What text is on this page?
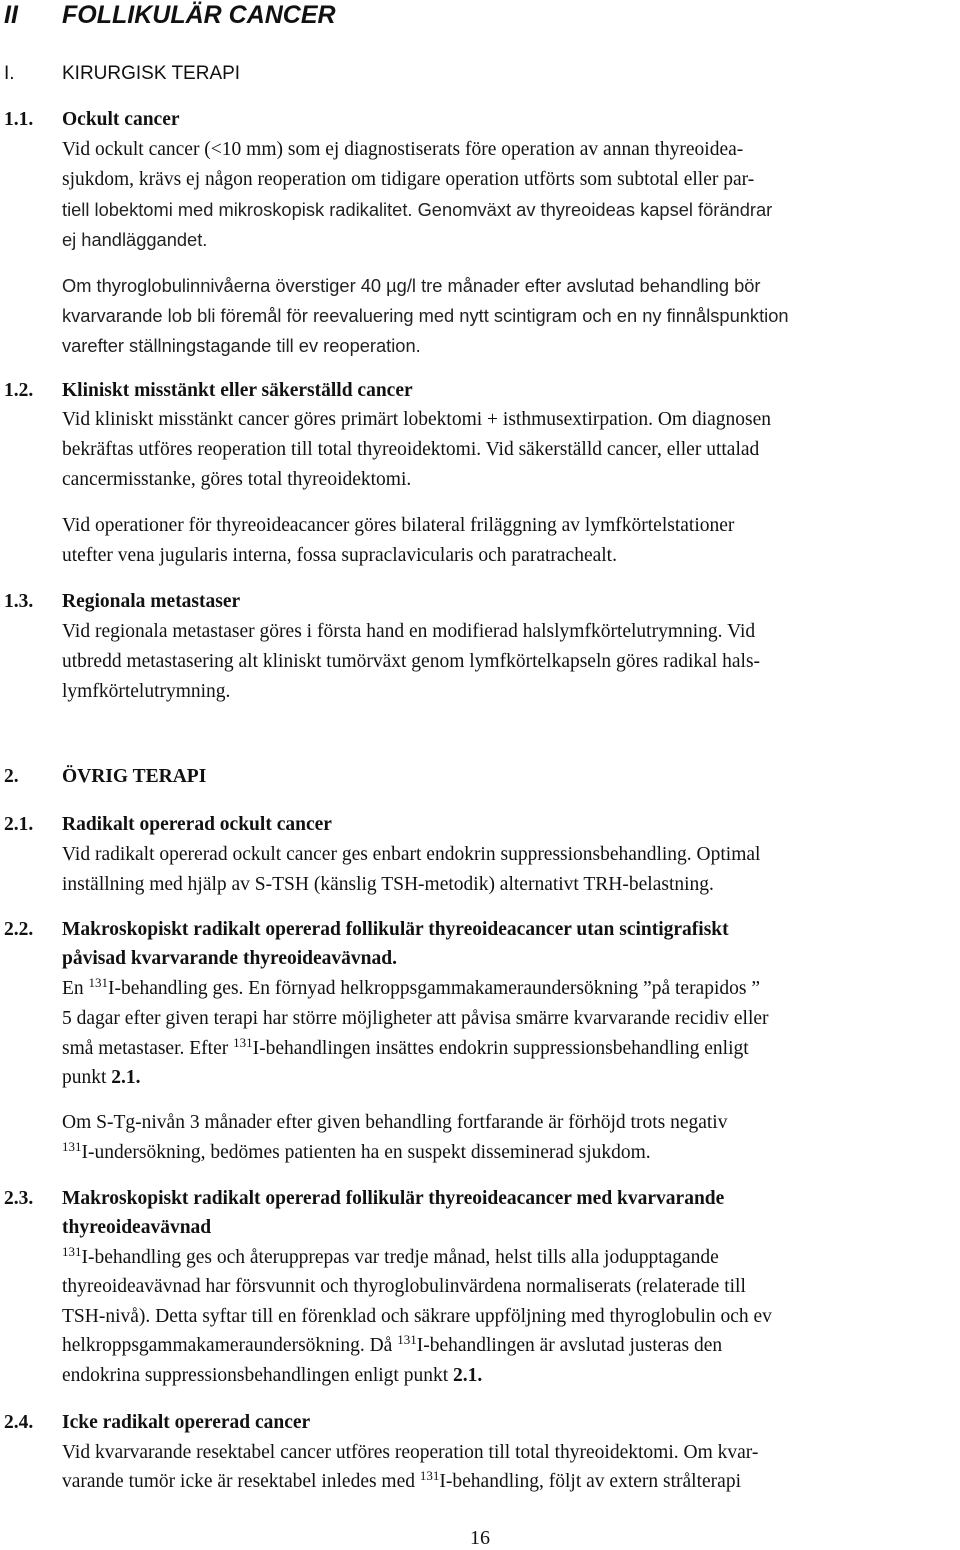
II FOLLIKULÄR CANCER
I. KIRURGISK TERAPI
1.1. Ockult cancer
Vid ockult cancer (<10 mm) som ej diagnostiserats före operation av annan thyreoidea-
sjukdom, krävs ej någon reoperation om tidigare operation utförts som subtotal eller par-
tiell lobektomi med mikroskopisk radikalitet. Genomväxt av thyreoideas kapsel förändrar
ej handläggandet.
Om thyroglobulinnivåerna överstiger 40 µg/l tre månader efter avslutad behandling bör
kvarvarande lob bli föremål för reevaluering med nytt scintigram och en ny finnålspunktion
varefter ställningstagande till ev reoperation.
1.2. Kliniskt misstänkt eller säkerställd cancer
Vid kliniskt misstänkt cancer göres primärt lobektomi + isthmusextirpation. Om diagnosen
bekräftas utföres reoperation till total thyreoidektomi. Vid säkerställd cancer, eller uttalad
cancermisstanke, göres total thyreoidektomi.
Vid operationer för thyreoideacancer göres bilateral friläggning av lymfkörtelstationer
utefter vena jugularis interna, fossa supraclavicularis och paratrachealt.
1.3. Regionala metastaser
Vid regionala metastaser göres i första hand en modifierad halslymfkörtelutrymning. Vid
utbredd metastasering alt kliniskt tumörväxt genom lymfkörtelkapseln göres radikal hals-
lymfkörtelutrymning.
2. ÖVRIG TERAPI
2.1. Radikalt opererad ockult cancer
Vid radikalt opererad ockult cancer ges enbart endokrin suppressionsbehandling. Optimal
inställning med hjälp av S-TSH (känslig TSH-metodik) alternativt TRH-belastning.
2.2. Makroskopiskt radikalt opererad follikulär thyreoideacancer utan scintigrafiskt
påvisad kvarvarande thyreoideavävnad.
En $^{131}$I-behandling ges. En förnyad helkroppsgammakameraundersökning ”på terapidos ”
5 dagar efter given terapi har större möjligheter att påvisa smärre kvarvarande recidiv eller
små metastaser. Efter $^{131}$I-behandlingen insättes endokrin suppressionsbehandling enligt
punkt 2.1.
Om S-Tg-nivån 3 månader efter given behandling fortfarande är förhöjd trots negativ
$^{131}$I-undersökning, bedömes patienten ha en suspekt disseminerad sjukdom.
2.3. Makroskopiskt radikalt opererad follikulär thyreoideacancer med kvarvarande
thyreoideavävnad
$^{131}$I-behandling ges och återupprepas var tredje månad, helst tills alla jodupptagande
thyreoideavävnad har försvunnit och thyroglobulinvärdena normaliserats (relaterade till
TSH-nivå). Detta syftar till en förenklad och säkrare uppföljning med thyroglobulin och ev
helkroppsgammakameraundersökning. Då $^{131}$I-behandlingen är avslutad justeras den
endokrina suppressionsbehandlingen enligt punkt 2.1.
2.4. Icke radikalt opererad cancer
Vid kvarvarande resektabel cancer utföres reoperation till total thyreoidektomi. Om kvar-
varande tumör icke är resektabel inledes med $^{131}$I-behandling, följt av extern strålterapi
16
